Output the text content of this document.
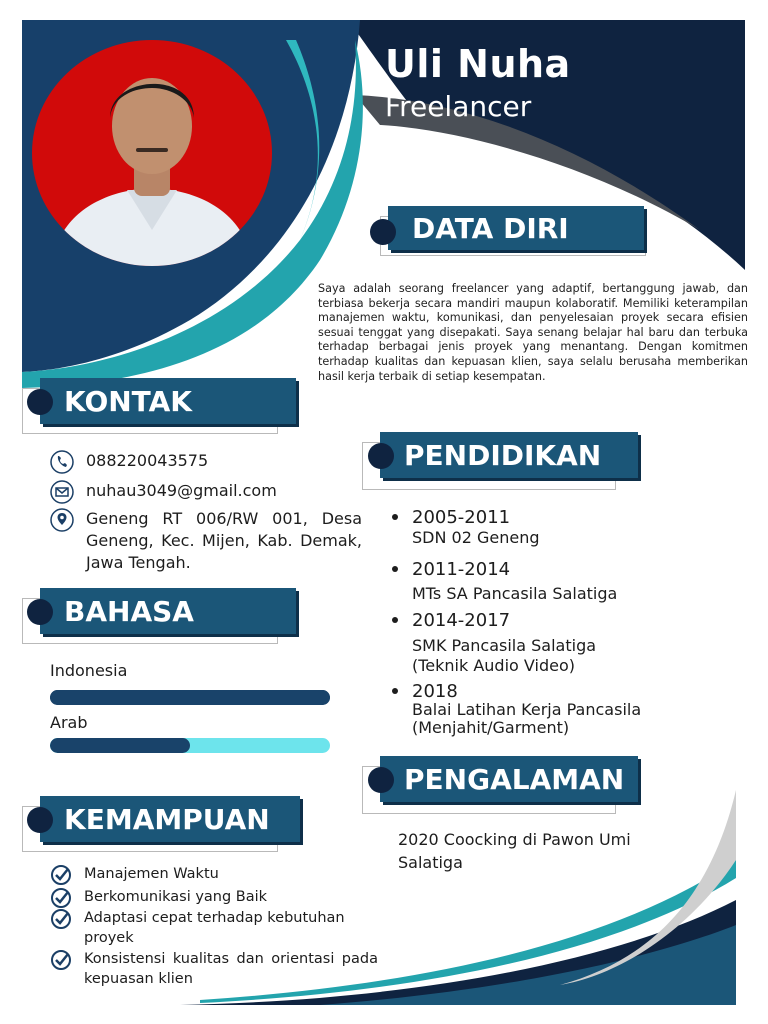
Uli Nuha
Freelancer
DATA DIRI
Saya adalah seorang freelancer yang adaptif, bertanggung jawab, dan terbiasa bekerja secara mandiri maupun kolaboratif. Memiliki keterampilan manajemen waktu, komunikasi, dan penyelesaian proyek secara efisien sesuai tenggat yang disepakati. Saya senang belajar hal baru dan terbuka terhadap berbagai jenis proyek yang menantang. Dengan komitmen terhadap kualitas dan kepuasan klien, saya selalu berusaha memberikan hasil kerja terbaik di setiap kesempatan.
KONTAK
088220043575
nuhau3049@gmail.com
Geneng RT 006/RW 001, Desa Geneng, Kec. Mijen, Kab. Demak, Jawa Tengah.
BAHASA
Indonesia
Arab
KEMAMPUAN
Manajemen Waktu
Berkomunikasi yang Baik
Adaptasi cepat terhadap kebutuhan proyek
Konsistensi kualitas dan orientasi pada kepuasan klien
PENDIDIKAN
2005-2011
SDN 02 Geneng
2011-2014
MTs SA Pancasila Salatiga
2014-2017
SMK Pancasila Salatiga
(Teknik Audio Video)
2018
Balai Latihan Kerja Pancasila
(Menjahit/Garment)
PENGALAMAN
2020 Coocking di Pawon Umi Salatiga
